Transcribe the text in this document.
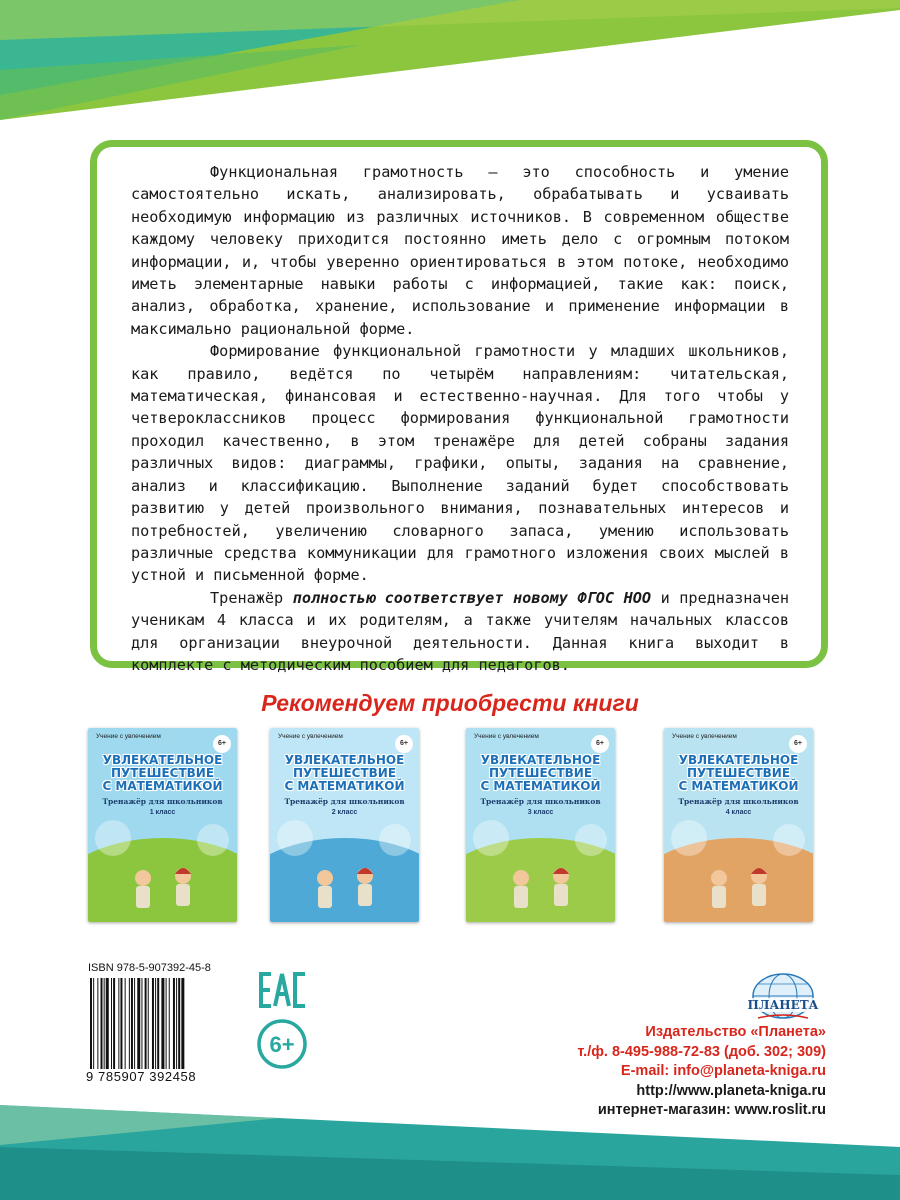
Функциональная грамотность – это способность и умение самостоятельно искать, анализировать, обрабатывать и усваивать необходимую информацию из различных источников. В современном обществе каждому человеку приходится постоянно иметь дело с огромным потоком информации, и, чтобы уверенно ориентироваться в этом потоке, необходимо иметь элементарные навыки работы с информацией, такие как: поиск, анализ, обработка, хранение, использование и применение информации в максимально рациональной форме.

Формирование функциональной грамотности у младших школьников, как правило, ведётся по четырём направлениям: читательская, математическая, финансовая и естественно-научная. Для того чтобы у четвероклассников процесс формирования функциональной грамотности проходил качественно, в этом тренажёре для детей собраны задания различных видов: диаграммы, графики, опыты, задания на сравнение, анализ и классификацию. Выполнение заданий будет способствовать развитию у детей произвольного внимания, познавательных интересов и потребностей, увеличению словарного запаса, умению использовать различные средства коммуникации для грамотного изложения своих мыслей в устной и письменной форме.

Тренажёр полностью соответствует новому ФГОС НОО и предназначен ученикам 4 класса и их родителям, а также учителям начальных классов для организации внеурочной деятельности. Данная книга выходит в комплекте с методическим пособием для педагогов.

Рекомендуем приобрести книги
Учение с увлечением
6+
УВЛЕКАТЕЛЬНОЕ
ПУТЕШЕСТВИЕ
С МАТЕМАТИКОЙ
Тренажёр для школьников
1 класс
Учение с увлечением
6+
УВЛЕКАТЕЛЬНОЕ
ПУТЕШЕСТВИЕ
С МАТЕМАТИКОЙ
Тренажёр для школьников
2 класс
Учение с увлечением
6+
УВЛЕКАТЕЛЬНОЕ
ПУТЕШЕСТВИЕ
С МАТЕМАТИКОЙ
Тренажёр для школьников
3 класс
Учение с увлечением
6+
УВЛЕКАТЕЛЬНОЕ
ПУТЕШЕСТВИЕ
С МАТЕМАТИКОЙ
Тренажёр для школьников
4 класс
ISBN 978-5-907392-45-8
9 785907 392458
6+
ПЛАНЕТА
Издательство «Планета»
т./ф. 8-495-988-72-83 (доб. 302; 309)
E-mail: info@planeta-kniga.ru
http://www.planeta-kniga.ru
интернет-магазин: www.roslit.ru
